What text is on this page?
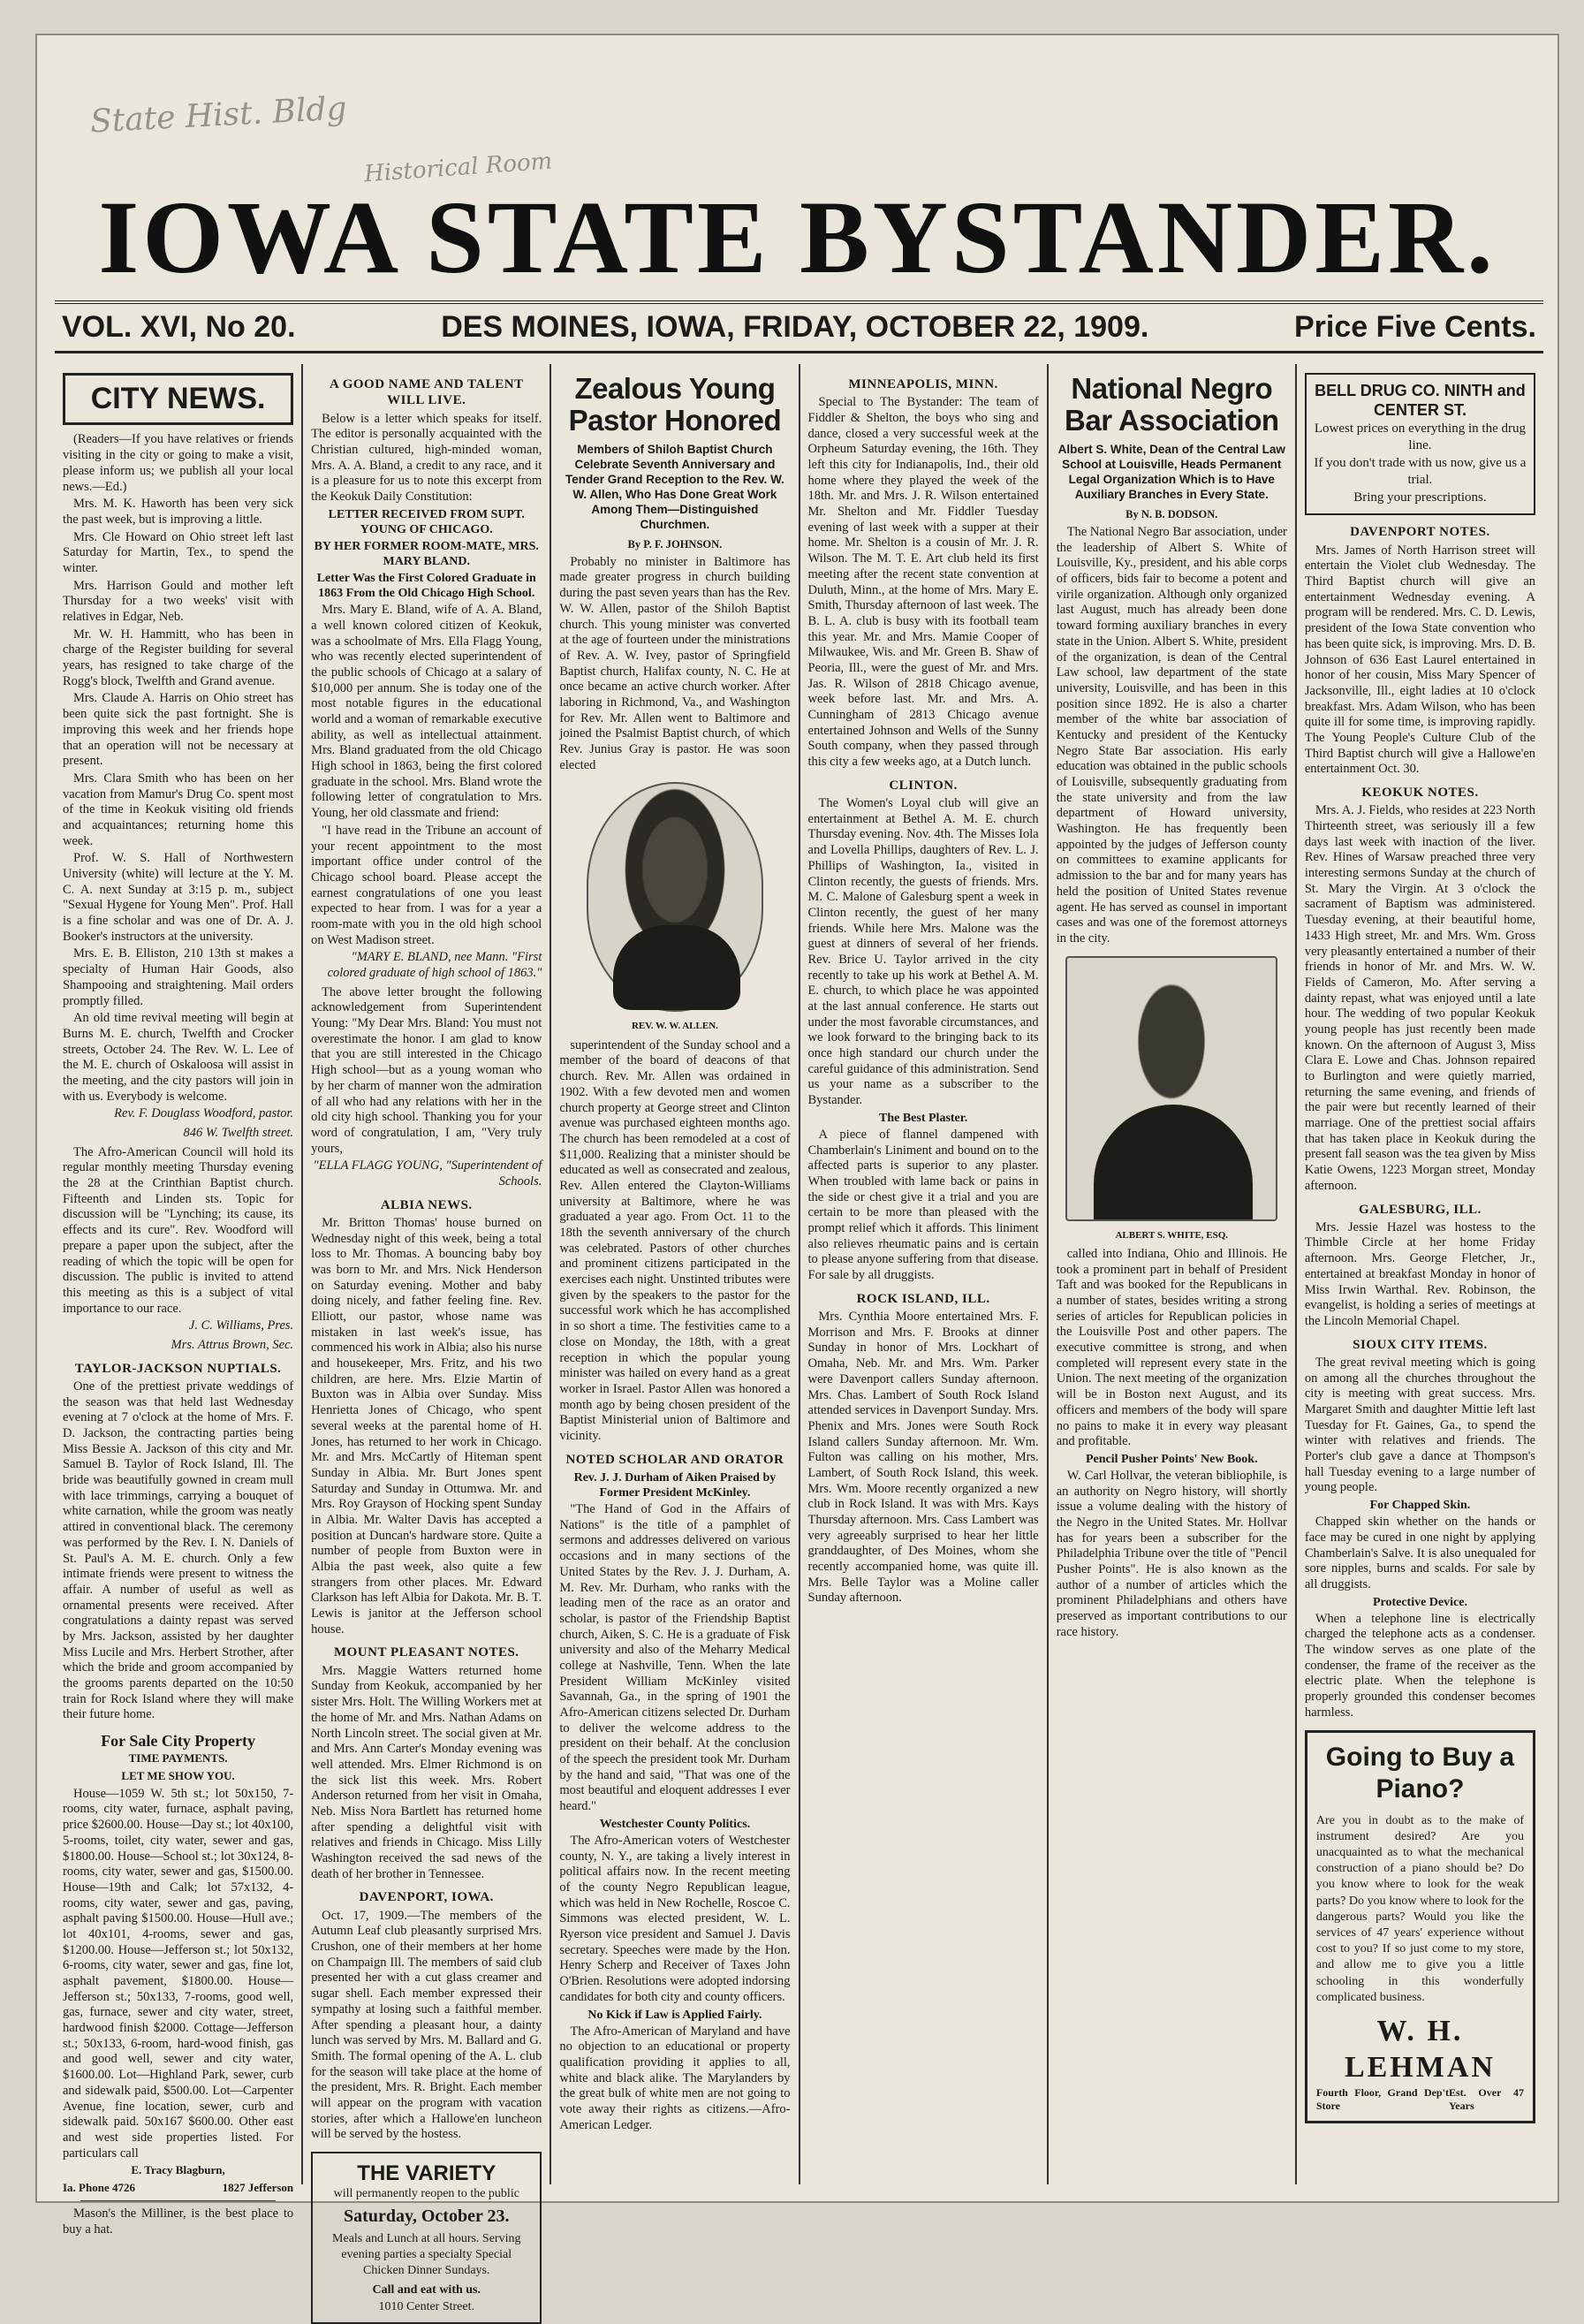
State Hist. Bldg
Historical Room
IOWA STATE BYSTANDER.
VOL. XVI, No 20.	DES MOINES, IOWA, FRIDAY, OCTOBER 22, 1909.	Price Five Cents.
CITY NEWS.

(Readers—If you have relatives or friends visiting in the city or going to make a visit, please inform us; we publish all your local news.—Ed.)

Mrs. M. K. Haworth has been very sick the past week, but is improving a little.

Mrs. Cle Howard on Ohio street left last Saturday for Martin, Tex., to spend the winter.

Mrs. Harrison Gould and mother left Thursday for a two weeks' visit with relatives in Edgar, Neb.

Mr. W. H. Hammitt, who has been in charge of the Register building for several years, has resigned to take charge of the Rogg's block, Twelfth and Grand avenue.

Mrs. Claude A. Harris on Ohio street has been quite sick the past fortnight. She is improving this week and her friends hope that an operation will not be necessary at present.

Mrs. Clara Smith who has been on her vacation from Mamur's Drug Co. spent most of the time in Keokuk visiting old friends and acquaintances; returning home this week.

Prof. W. S. Hall of Northwestern University (white) will lecture at the Y. M. C. A. next Sunday at 3:15 p. m., subject "Sexual Hygene for Young Men". Prof. Hall is a fine scholar and was one of Dr. A. J. Booker's instructors at the university.

Mrs. E. B. Elliston, 210 13th st makes a specialty of Human Hair Goods, also Shampooing and straightening. Mail orders promptly filled.

An old time revival meeting will begin at Burns M. E. church, Twelfth and Crocker streets, October 24. The Rev. W. L. Lee of the M. E. church of Oskaloosa will assist in the meeting, and the city pastors will join in with us. Everybody is welcome.

Rev. F. Douglass Woodford, pastor.
846 W. Twelfth street.

The Afro-American Council will hold its regular monthly meeting Thursday evening the 28 at the Crinthian Baptist church. Fifteenth and Linden sts. Topic for discussion will be "Lynching; its cause, its effects and its cure". Rev. Woodford will prepare a paper upon the subject, after the reading of which the topic will be open for discussion. The public is invited to attend this meeting as this is a subject of vital importance to our race.

J. C. Williams, Pres.
Mrs. Attrus Brown, Sec.
TAYLOR-JACKSON NUPTIALS.

One of the prettiest private weddings of the season was that held last Wednesday evening at 7 o'clock at the home of Mrs. F. D. Jackson, the contracting parties being Miss Bessie A. Jackson of this city and Mr. Samuel B. Taylor of Rock Island, Ill. The bride was beautifully gowned in cream mull with lace trimmings, carrying a bouquet of white carnation, while the groom was neatly attired in conventional black. The ceremony was performed by the Rev. I. N. Daniels of St. Paul's A. M. E. church. Only a few intimate friends were present to witness the affair. A number of useful as well as ornamental presents were received. After congratulations a dainty repast was served by Mrs. Jackson, assisted by her daughter Miss Lucile and Mrs. Herbert Strother, after which the bride and groom accompanied by the grooms parents departed on the 10:50 train for Rock Island where they will make their future home.

For Sale City Property
TIME PAYMENTS.
LET ME SHOW YOU.

House—1059 W. 5th st.; lot 50x150, 7-rooms, city water, furnace, asphalt paving, price $2600.00. House—Day st.; lot 40x100, 5-rooms, toilet, city water, sewer and gas, $1800.00. House—School st.; lot 30x124, 8-rooms, city water, sewer and gas, $1500.00. House—19th and Calk; lot 57x132, 4-rooms, city water, sewer and gas, paving, asphalt paving $1500.00. House—Hull ave.; lot 40x101, 4-rooms, sewer and gas, $1200.00. House—Jefferson st.; lot 50x132, 6-rooms, city water, sewer and gas, fine lot, asphalt pavement, $1800.00. House—Jefferson st.; 50x133, 7-rooms, good well, gas, furnace, sewer and city water, street, hardwood finish $2000. Cottage—Jefferson st.; 50x133, 6-room, hard-wood finish, gas and good well, sewer and city water, $1600.00. Lot—Highland Park, sewer, curb and sidewalk paid, $500.00. Lot—Carpenter Avenue, fine location, sewer, curb and sidewalk paid. 50x167 $600.00. Other east and west side properties listed. For particulars call

E. Tracy Blagburn,
Ia. Phone 4726	1827 Jefferson

Mason's the Milliner, is the best place to buy a hat.

A GOOD NAME AND TALENT WILL LIVE.

Below is a letter which speaks for itself. The editor is personally acquainted with the Christian cultured, high-minded woman, Mrs. A. A. Bland, a credit to any race, and it is a pleasure for us to note this excerpt from the Keokuk Daily Constitution:

LETTER RECEIVED FROM SUPT. YOUNG OF CHICAGO.
BY HER FORMER ROOM-MATE, MRS. MARY BLAND.
Letter Was the First Colored Graduate in 1863 From the Old Chicago High School.

Mrs. Mary E. Bland, wife of A. A. Bland, a well known colored citizen of Keokuk, was a schoolmate of Mrs. Ella Flagg Young, who was recently elected superintendent of the public schools of Chicago at a salary of $10,000 per annum. She is today one of the most notable figures in the educational world and a woman of remarkable executive ability, as well as intellectual attainment. Mrs. Bland graduated from the old Chicago High school in 1863, being the first colored graduate in the school. Mrs. Bland wrote the following letter of congratulation to Mrs. Young, her old classmate and friend:

"I have read in the Tribune an account of your recent appointment to the most important office under control of the Chicago school board. Please accept the earnest congratulations of one you least expected to hear from. I was for a year a room-mate with you in the old high school on West Madison street.

"MARY E. BLAND, nee Mann. "First colored graduate of high school of 1863."

The above letter brought the following acknowledgement from Superintendent Young: "My Dear Mrs. Bland: You must not overestimate the honor. I am glad to know that you are still interested in the Chicago High school—but as a young woman who by her charm of manner won the admiration of all who had any relations with her in the old city high school. Thanking you for your word of congratulation, I am, "Very truly yours,

"ELLA FLAGG YOUNG, "Superintendent of Schools.
ALBIA NEWS.

Mr. Britton Thomas' house burned on Wednesday night of this week, being a total loss to Mr. Thomas. A bouncing baby boy was born to Mr. and Mrs. Nick Henderson on Saturday evening. Mother and baby doing nicely, and father feeling fine. Rev. Elliott, our pastor, whose name was mistaken in last week's issue, has commenced his work in Albia; also his nurse and housekeeper, Mrs. Fritz, and his two children, are here. Mrs. Elzie Martin of Buxton was in Albia over Sunday. Miss Henrietta Jones of Chicago, who spent several weeks at the parental home of H. Jones, has returned to her work in Chicago. Mr. and Mrs. McCartly of Hiteman spent Sunday in Albia. Mr. Burt Jones spent Saturday and Sunday in Ottumwa. Mr. and Mrs. Roy Grayson of Hocking spent Sunday in Albia. Mr. Walter Davis has accepted a position at Duncan's hardware store. Quite a number of people from Buxton were in Albia the past week, also quite a few strangers from other places. Mr. Edward Clarkson has left Albia for Dakota. Mr. B. T. Lewis is janitor at the Jefferson school house.

MOUNT PLEASANT NOTES.

Mrs. Maggie Watters returned home Sunday from Keokuk, accompanied by her sister Mrs. Holt. The Willing Workers met at the home of Mr. and Mrs. Nathan Adams on North Lincoln street. The social given at Mr. and Mrs. Ann Carter's Monday evening was well attended. Mrs. Elmer Richmond is on the sick list this week. Mrs. Robert Anderson returned from her visit in Omaha, Neb. Miss Nora Bartlett has returned home after spending a delightful visit with relatives and friends in Chicago. Miss Lilly Washington received the sad news of the death of her brother in Tennessee.

DAVENPORT, IOWA.

Oct. 17, 1909.—The members of the Autumn Leaf club pleasantly surprised Mrs. Crushon, one of their members at her home on Champaign Ill. The members of said club presented her with a cut glass creamer and sugar shell. Each member expressed their sympathy at losing such a faithful member. After spending a pleasant hour, a dainty lunch was served by Mrs. M. Ballard and G. Smith. The formal opening of the A. L. club for the season will take place at the home of the president, Mrs. R. Bright. Each member will appear on the program with vacation stories, after which a Hallowe'en luncheon will be served by the hostess.

THE VARIETY
will permanently reopen to the public
Saturday, October 23.
Meals and Lunch at all hours. Serving evening parties a specialty Special Chicken Dinner Sundays.
Call and eat with us.
1010 Center Street.
Zealous Young Pastor Honored
Members of Shiloh Baptist Church Celebrate Seventh Anniversary and Tender Grand Reception to the Rev. W. W. Allen, Who Has Done Great Work Among Them—Distinguished Churchmen.
By P. F. JOHNSON.

Probably no minister in Baltimore has made greater progress in church building during the past seven years than has the Rev. W. W. Allen, pastor of the Shiloh Baptist church. This young minister was converted at the age of fourteen under the ministrations of Rev. A. W. Ivey, pastor of Springfield Baptist church, Halifax county, N. C. He at once became an active church worker. After laboring in Richmond, Va., and Washington for Rev. Mr. Allen went to Baltimore and joined the Psalmist Baptist church, of which Rev. Junius Gray is pastor. He was soon elected

REV. W. W. ALLEN.

superintendent of the Sunday school and a member of the board of deacons of that church. Rev. Mr. Allen was ordained in 1902. With a few devoted men and women church property at George street and Clinton avenue was purchased eighteen months ago. The church has been remodeled at a cost of $11,000. Realizing that a minister should be educated as well as consecrated and zealous, Rev. Allen entered the Clayton-Williams university at Baltimore, where he was graduated a year ago. From Oct. 11 to the 18th the seventh anniversary of the church was celebrated. Pastors of other churches and prominent citizens participated in the exercises each night. Unstinted tributes were given by the speakers to the pastor for the successful work which he has accomplished in so short a time. The festivities came to a close on Monday, the 18th, with a great reception in which the popular young minister was hailed on every hand as a great worker in Israel. Pastor Allen was honored a month ago by being chosen president of the Baptist Ministerial union of Baltimore and vicinity.

NOTED SCHOLAR AND ORATOR
Rev. J. J. Durham of Aiken Praised by Former President McKinley.

"The Hand of God in the Affairs of Nations" is the title of a pamphlet of sermons and addresses delivered on various occasions and in many sections of the United States by the Rev. J. J. Durham, A. M. Rev. Mr. Durham, who ranks with the leading men of the race as an orator and scholar, is pastor of the Friendship Baptist church, Aiken, S. C. He is a graduate of Fisk university and also of the Meharry Medical college at Nashville, Tenn. When the late President William McKinley visited Savannah, Ga., in the spring of 1901 the Afro-American citizens selected Dr. Durham to deliver the welcome address to the president on their behalf. At the conclusion of the speech the president took Mr. Durham by the hand and said, "That was one of the most beautiful and eloquent addresses I ever heard."

Westchester County Politics.

The Afro-American voters of Westchester county, N. Y., are taking a lively interest in political affairs now. In the recent meeting of the county Negro Republican league, which was held in New Rochelle, Roscoe C. Simmons was elected president, W. L. Ryerson vice president and Samuel J. Davis secretary. Speeches were made by the Hon. Henry Scherp and Receiver of Taxes John O'Brien. Resolutions were adopted indorsing candidates for both city and county officers.

No Kick if Law is Applied Fairly.

The Afro-American of Maryland and have no objection to an educational or property qualification providing it applies to all, white and black alike. The Marylanders by the great bulk of white men are not going to vote away their rights as citizens.—Afro-American Ledger.

MINNEAPOLIS, MINN.

Special to The Bystander: The team of Fiddler & Shelton, the boys who sing and dance, closed a very successful week at the Orpheum Saturday evening, the 16th. They left this city for Indianapolis, Ind., their old home where they played the week of the 18th. Mr. and Mrs. J. R. Wilson entertained Mr. Shelton and Mr. Fiddler Tuesday evening of last week with a supper at their home. Mr. Shelton is a cousin of Mr. J. R. Wilson. The M. T. E. Art club held its first meeting after the recent state convention at Duluth, Minn., at the home of Mrs. Mary E. Smith, Thursday afternoon of last week. The B. L. A. club is busy with its football team this year. Mr. and Mrs. Mamie Cooper of Milwaukee, Wis. and Mr. Green B. Shaw of Peoria, Ill., were the guest of Mr. and Mrs. Jas. R. Wilson of 2818 Chicago avenue, week before last. Mr. and Mrs. A. Cunningham of 2813 Chicago avenue entertained Johnson and Wells of the Sunny South company, when they passed through this city a few weeks ago, at a Dutch lunch.

CLINTON.

The Women's Loyal club will give an entertainment at Bethel A. M. E. church Thursday evening. Nov. 4th. The Misses Iola and Lovella Phillips, daughters of Rev. L. J. Phillips of Washington, Ia., visited in Clinton recently, the guests of friends. Mrs. M. C. Malone of Galesburg spent a week in Clinton recently, the guest of her many friends. While here Mrs. Malone was the guest at dinners of several of her friends. Rev. Brice U. Taylor arrived in the city recently to take up his work at Bethel A. M. E. church, to which place he was appointed at the last annual conference. He starts out under the most favorable circumstances, and we look forward to the bringing back to its once high standard our church under the careful guidance of this administration. Send us your name as a subscriber to the Bystander.

The Best Plaster.

A piece of flannel dampened with Chamberlain's Liniment and bound on to the affected parts is superior to any plaster. When troubled with lame back or pains in the side or chest give it a trial and you are certain to be more than pleased with the prompt relief which it affords. This liniment also relieves rheumatic pains and is certain to please anyone suffering from that disease. For sale by all druggists.

ROCK ISLAND, ILL.

Mrs. Cynthia Moore entertained Mrs. F. Morrison and Mrs. F. Brooks at dinner Sunday in honor of Mrs. Lockhart of Omaha, Neb. Mr. and Mrs. Wm. Parker were Davenport callers Sunday afternoon. Mrs. Chas. Lambert of South Rock Island attended services in Davenport Sunday. Mrs. Phenix and Mrs. Jones were South Rock Island callers Sunday afternoon. Mr. Wm. Fulton was calling on his mother, Mrs. Lambert, of South Rock Island, this week. Mrs. Wm. Moore recently organized a new club in Rock Island. It was with Mrs. Kays Thursday afternoon. Mrs. Cass Lambert was very agreeably surprised to hear her little granddaughter, of Des Moines, whom she recently accompanied home, was quite ill. Mrs. Belle Taylor was a Moline caller Sunday afternoon.

National Negro Bar Association
Albert S. White, Dean of the Central Law School at Louisville, Heads Permanent Legal Organization Which is to Have Auxiliary Branches in Every State.
By N. B. DODSON.

The National Negro Bar association, under the leadership of Albert S. White of Louisville, Ky., president, and his able corps of officers, bids fair to become a potent and virile organization. Although only organized last August, much has already been done toward forming auxiliary branches in every state in the Union. Albert S. White, president of the organization, is dean of the Central Law school, law department of the state university, Louisville, and has been in this position since 1892. He is also a charter member of the white bar association of Kentucky and president of the Kentucky Negro State Bar association. His early education was obtained in the public schools of Louisville, subsequently graduating from the state university and from the law department of Howard university, Washington. He has frequently been appointed by the judges of Jefferson county on committees to examine applicants for admission to the bar and for many years has held the position of United States revenue agent. He has served as counsel in important cases and was one of the foremost attorneys in the city.

ALBERT S. WHITE, ESQ.

called into Indiana, Ohio and Illinois. He took a prominent part in behalf of President Taft and was booked for the Republicans in a number of states, besides writing a strong series of articles for Republican policies in the Louisville Post and other papers. The executive committee is strong, and when completed will represent every state in the Union. The next meeting of the organization will be in Boston next August, and its officers and members of the body will spare no pains to make it in every way pleasant and profitable.

Pencil Pusher Points' New Book.

W. Carl Hollvar, the veteran bibliophile, is an authority on Negro history, will shortly issue a volume dealing with the history of the Negro in the United States. Mr. Hollvar has for years been a subscriber for the Philadelphia Tribune over the title of "Pencil Pusher Points". He is also known as the author of a number of articles which the prominent Philadelphians and others have preserved as important contributions to our race history.

BELL DRUG CO. NINTH and CENTER ST.
Lowest prices on everything in the drug line.
If you don't trade with us now, give us a trial.
Bring your prescriptions.
DAVENPORT NOTES.

Mrs. James of North Harrison street will entertain the Violet club Wednesday. The Third Baptist church will give an entertainment Wednesday evening. A program will be rendered. Mrs. C. D. Lewis, president of the Iowa State convention who has been quite sick, is improving. Mrs. D. B. Johnson of 636 East Laurel entertained in honor of her cousin, Miss Mary Spencer of Jacksonville, Ill., eight ladies at 10 o'clock breakfast. Mrs. Adam Wilson, who has been quite ill for some time, is improving rapidly. The Young People's Culture Club of the Third Baptist church will give a Hallowe'en entertainment Oct. 30.

KEOKUK NOTES.

Mrs. A. J. Fields, who resides at 223 North Thirteenth street, was seriously ill a few days last week with inaction of the liver. Rev. Hines of Warsaw preached three very interesting sermons Sunday at the church of St. Mary the Virgin. At 3 o'clock the sacrament of Baptism was administered. Tuesday evening, at their beautiful home, 1433 High street, Mr. and Mrs. Wm. Gross very pleasantly entertained a number of their friends in honor of Mr. and Mrs. W. W. Fields of Cameron, Mo. After serving a dainty repast, what was enjoyed until a late hour. The wedding of two popular Keokuk young people has just recently been made known. On the afternoon of August 3, Miss Clara E. Lowe and Chas. Johnson repaired to Burlington and were quietly married, returning the same evening, and friends of the pair were but recently learned of their marriage. One of the prettiest social affairs that has taken place in Keokuk during the present fall season was the tea given by Miss Katie Owens, 1223 Morgan street, Monday afternoon.

GALESBURG, ILL.

Mrs. Jessie Hazel was hostess to the Thimble Circle at her home Friday afternoon. Mrs. George Fletcher, Jr., entertained at breakfast Monday in honor of Miss Irwin Warthal. Rev. Robinson, the evangelist, is holding a series of meetings at the Lincoln Memorial Chapel.

SIOUX CITY ITEMS.

The great revival meeting which is going on among all the churches throughout the city is meeting with great success. Mrs. Margaret Smith and daughter Mittie left last Tuesday for Ft. Gaines, Ga., to spend the winter with relatives and friends. The Porter's club gave a dance at Thompson's hall Tuesday evening to a large number of young people.

For Chapped Skin.

Chapped skin whether on the hands or face may be cured in one night by applying Chamberlain's Salve. It is also unequaled for sore nipples, burns and scalds. For sale by all druggists.

Protective Device.

When a telephone line is electrically charged the telephone acts as a condenser. The window serves as one plate of the condenser, the frame of the receiver as the electric plate. When the telephone is properly grounded this condenser becomes harmless.

Going to Buy a Piano?
Are you in doubt as to the make of instrument desired? Are you unacquainted as to what the mechanical construction of a piano should be? Do you know where to look for the weak parts? Do you know where to look for the dangerous parts? Would you like the services of 47 years' experience without cost to you? If so just come to my store, and allow me to give you a little schooling in this wonderfully complicated business.
W. H. LEHMAN
Fourth Floor, Grand Dep't Store
Est. Over 47 Years
